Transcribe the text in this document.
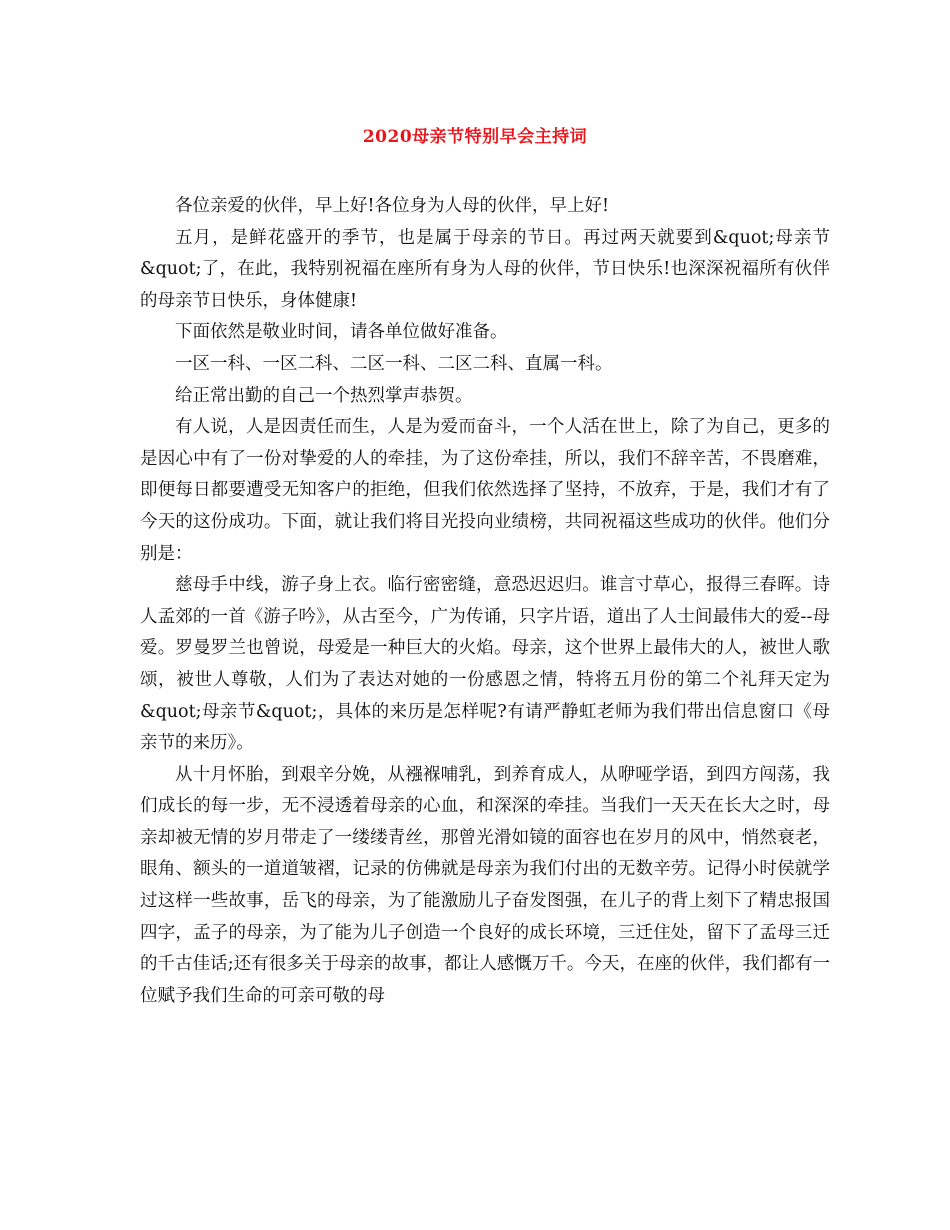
2020母亲节特别早会主持词

各位亲爱的伙伴，早上好!各位身为人母的伙伴，早上好!

五月，是鲜花盛开的季节，也是属于母亲的节日。再过两天就要到&quot;母亲节&quot;了，在此，我特别祝福在座所有身为人母的伙伴，节日快乐!也深深祝福所有伙伴的母亲节日快乐，身体健康!

下面依然是敬业时间，请各单位做好准备。

一区一科、一区二科、二区一科、二区二科、直属一科。

给正常出勤的自己一个热烈掌声恭贺。

有人说，人是因责任而生，人是为爱而奋斗，一个人活在世上，除了为自己，更多的是因心中有了一份对挚爱的人的牵挂，为了这份牵挂，所以，我们不辞辛苦，不畏磨难，即便每日都要遭受无知客户的拒绝，但我们依然选择了坚持，不放弃，于是，我们才有了今天的这份成功。下面，就让我们将目光投向业绩榜，共同祝福这些成功的伙伴。他们分别是：

慈母手中线，游子身上衣。临行密密缝，意恐迟迟归。谁言寸草心，报得三春晖。诗人孟郊的一首《游子吟》，从古至今，广为传诵，只字片语，道出了人士间最伟大的爱--母爱。罗曼罗兰也曾说，母爱是一种巨大的火焰。母亲，这个世界上最伟大的人，被世人歌颂，被世人尊敬，人们为了表达对她的一份感恩之情，特将五月份的第二个礼拜天定为&quot;母亲节&quot;，具体的来历是怎样呢?有请严静虹老师为我们带出信息窗口《母亲节的来历》。

从十月怀胎，到艰辛分娩，从襁褓哺乳，到养育成人，从咿哑学语，到四方闯荡，我们成长的每一步，无不浸透着母亲的心血，和深深的牵挂。当我们一天天在长大之时，母亲却被无情的岁月带走了一缕缕青丝，那曾光滑如镜的面容也在岁月的风中，悄然衰老，眼角、额头的一道道皱褶，记录的仿佛就是母亲为我们付出的无数辛劳。记得小时侯就学过这样一些故事，岳飞的母亲，为了能激励儿子奋发图强，在儿子的背上刻下了精忠报国四字，孟子的母亲，为了能为儿子创造一个良好的成长环境，三迁住处，留下了孟母三迁的千古佳话;还有很多关于母亲的故事，都让人感慨万千。今天，在座的伙伴，我们都有一位赋予我们生命的可亲可敬的母
